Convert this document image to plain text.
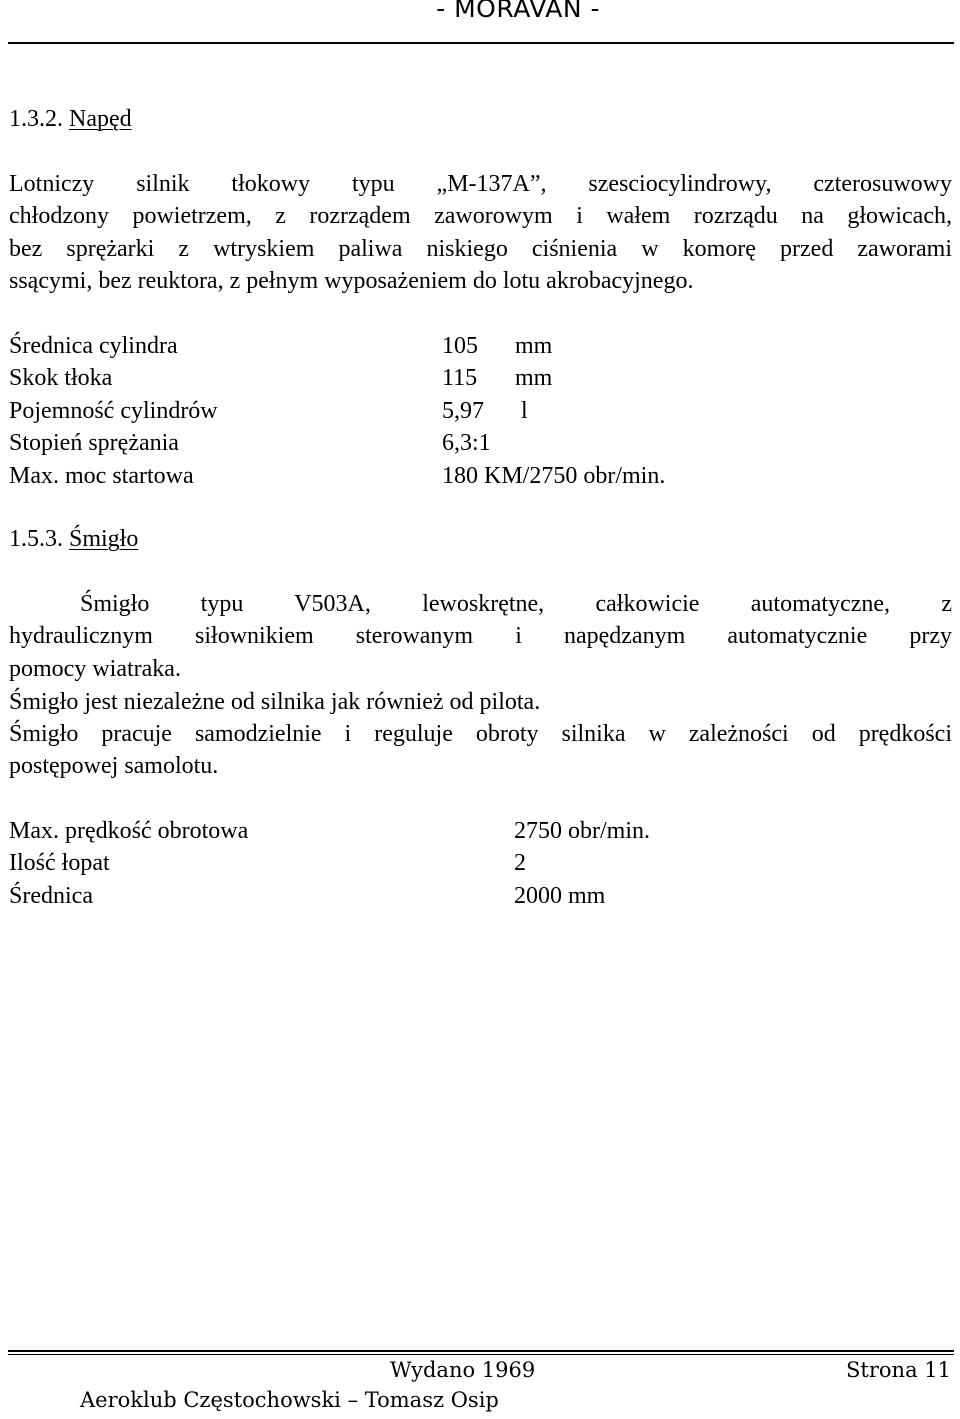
- MORAVAN -
1.3.2. Napęd
Lotniczy silnik tłokowy typu „M-137A”, szesciocylindrowy, czterosuwowy
chłodzony powietrzem, z rozrządem zaworowym i wałem rozrządu na głowicach,
bez sprężarki z wtryskiem paliwa niskiego ciśnienia w komorę przed zaworami
ssącymi, bez reuktora, z pełnym wyposażeniem do lotu akrobacyjnego.
Średnica cylindra	105 mm
Skok tłoka	115 mm
Pojemność cylindrów	5,97 l
Stopień sprężania	6,3:1
Max. moc startowa	180 KM/2750 obr/min.
1.5.3. Śmigło
Śmigło typu V503A, lewoskrętne, całkowicie automatyczne, z
hydraulicznym siłownikiem sterowanym i napędzanym automatycznie przy
pomocy wiatraka.
Śmigło jest niezależne od silnika jak również od pilota.
Śmigło pracuje samodzielnie i reguluje obroty silnika w zależności od prędkości
postępowej samolotu.
Max. prędkość obrotowa	2750 obr/min.
Ilość łopat	2
Średnica	2000 mm
Wydano 1969	Strona 11
Aeroklub Częstochowski – Tomasz Osip
